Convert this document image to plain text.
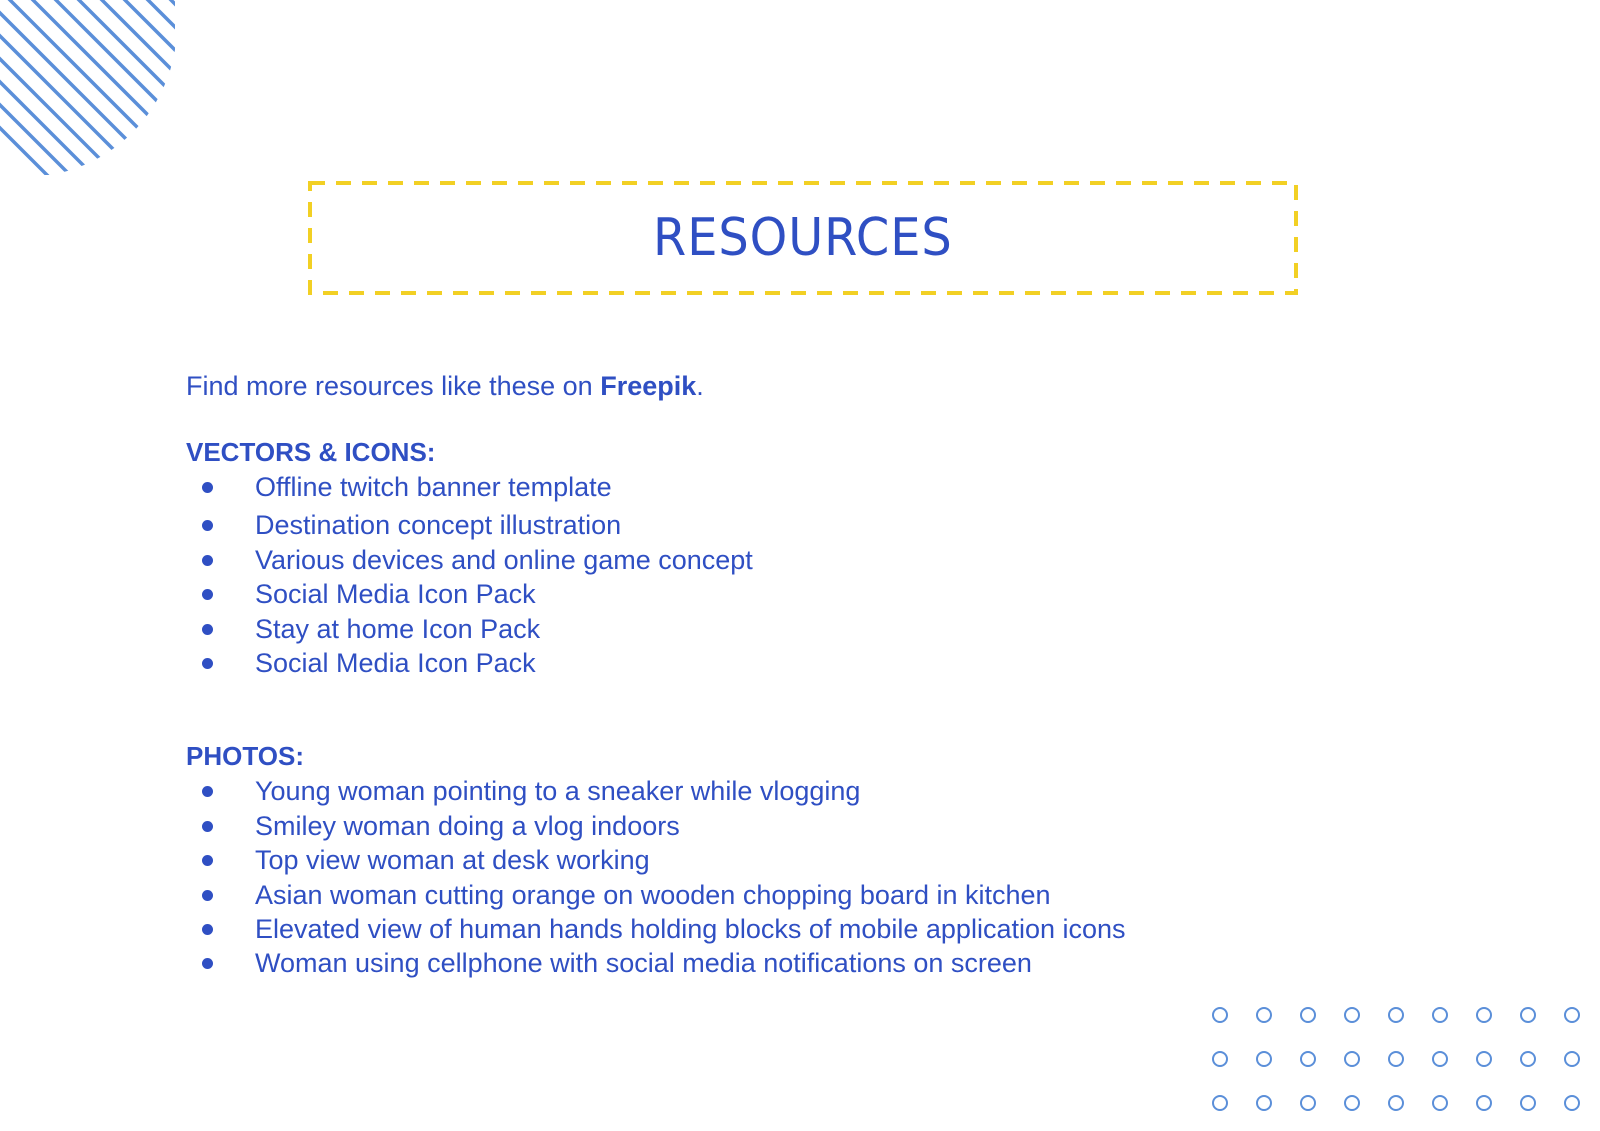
RESOURCES

Find more resources like these on Freepik.

VECTORS & ICONS:
Offline twitch banner template
Destination concept illustration
Various devices and online game concept
Social Media Icon Pack
Stay at home Icon Pack
Social Media Icon Pack
PHOTOS:
Young woman pointing to a sneaker while vlogging
Smiley woman doing a vlog indoors
Top view woman at desk working
Asian woman cutting orange on wooden chopping board in kitchen
Elevated view of human hands holding blocks of mobile application icons
Woman using cellphone with social media notifications on screen
